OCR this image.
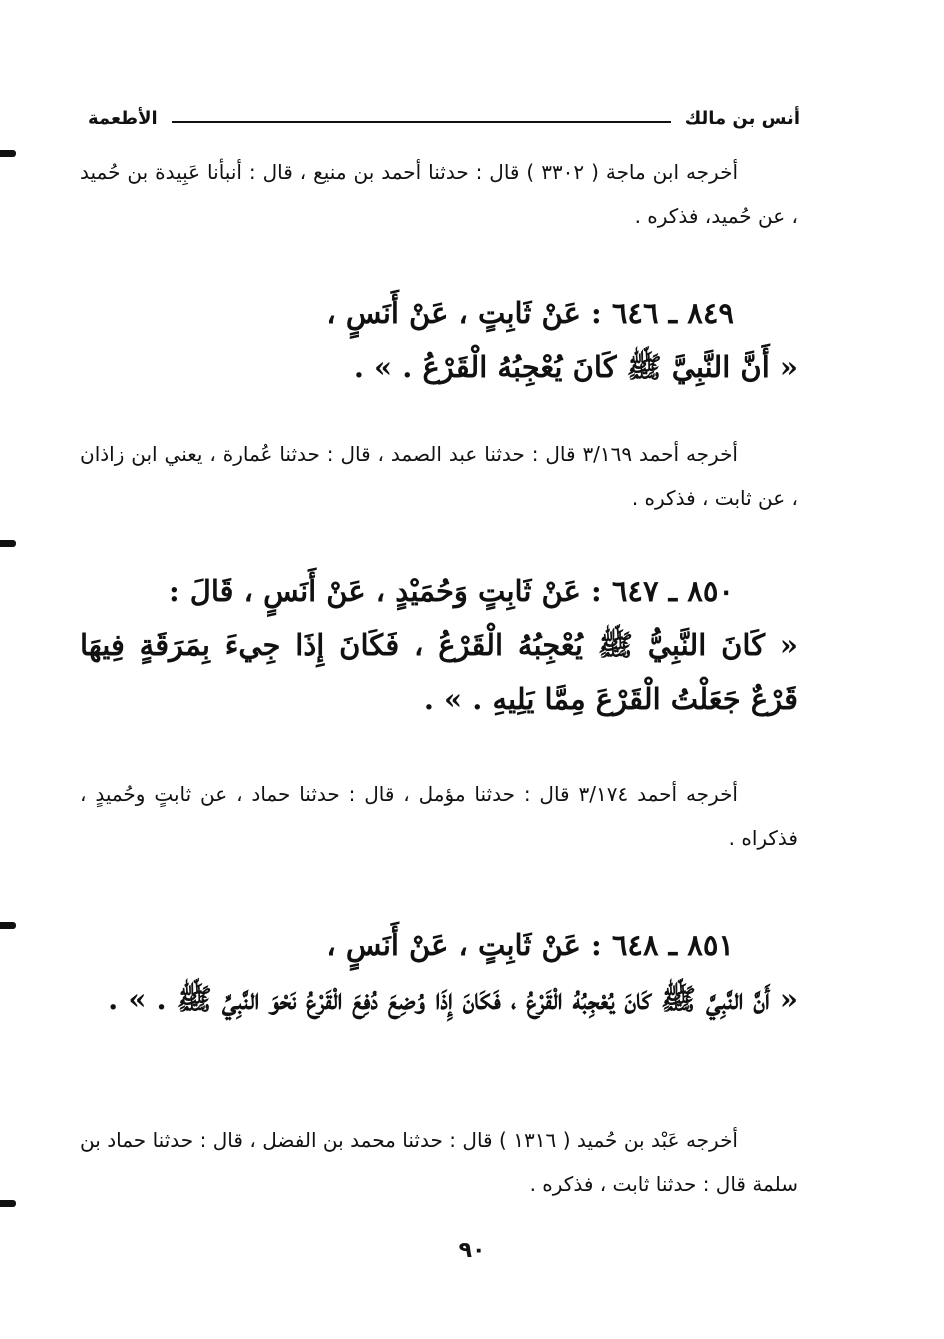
الأطعمة	أنس بن مالك

أخرجه ابن ماجة ( ٣٣٠٢ ) قال : حدثنا أحمد بن منيع ، قال : أنبأنا عَبِيدة بن حُميد ، عن حُميد، فذكره .

٨٤٩ ـ ٦٤٦ : عَنْ ثَابِتٍ ، عَنْ أَنَسٍ ،

« أَنَّ النَّبِيَّ ﷺ كَانَ يُعْجِبُهُ الْقَرْعُ . » .

أخرجه أحمد ٣/١٦٩ قال : حدثنا عبد الصمد ، قال : حدثنا عُمارة ، يعني ابن زاذان ، عن ثابت ، فذكره .

٨٥٠ ـ ٦٤٧ : عَنْ ثَابِتٍ وَحُمَيْدٍ ، عَنْ أَنَسٍ ، قَالَ :

« كَانَ النَّبِيُّ ﷺ يُعْجِبُهُ الْقَرْعُ ، فَكَانَ إِذَا جِيءَ بِمَرَقَةٍ فِيهَا قَرْعٌ جَعَلْتُ الْقَرْعَ مِمَّا يَلِيهِ . » .

أخرجه أحمد ٣/١٧٤ قال : حدثنا مؤمل ، قال : حدثنا حماد ، عن ثابتٍ وحُميدٍ ، فذكراه .

٨٥١ ـ ٦٤٨ : عَنْ ثَابِتٍ ، عَنْ أَنَسٍ ،

« أَنَّ النَّبِيَّ ﷺ كَانَ يُعْجِبُهُ الْقَرْعُ ، فَكَانَ إِذَا وُضِعَ دُفِعَ الْقَرْعُ نَحْوَ النَّبِيِّ ﷺ . » .

أخرجه عَبْد بن حُميد ( ١٣١٦ ) قال : حدثنا محمد بن الفضل ، قال : حدثنا حماد بن سلمة قال : حدثنا ثابت ، فذكره .

٩٠
